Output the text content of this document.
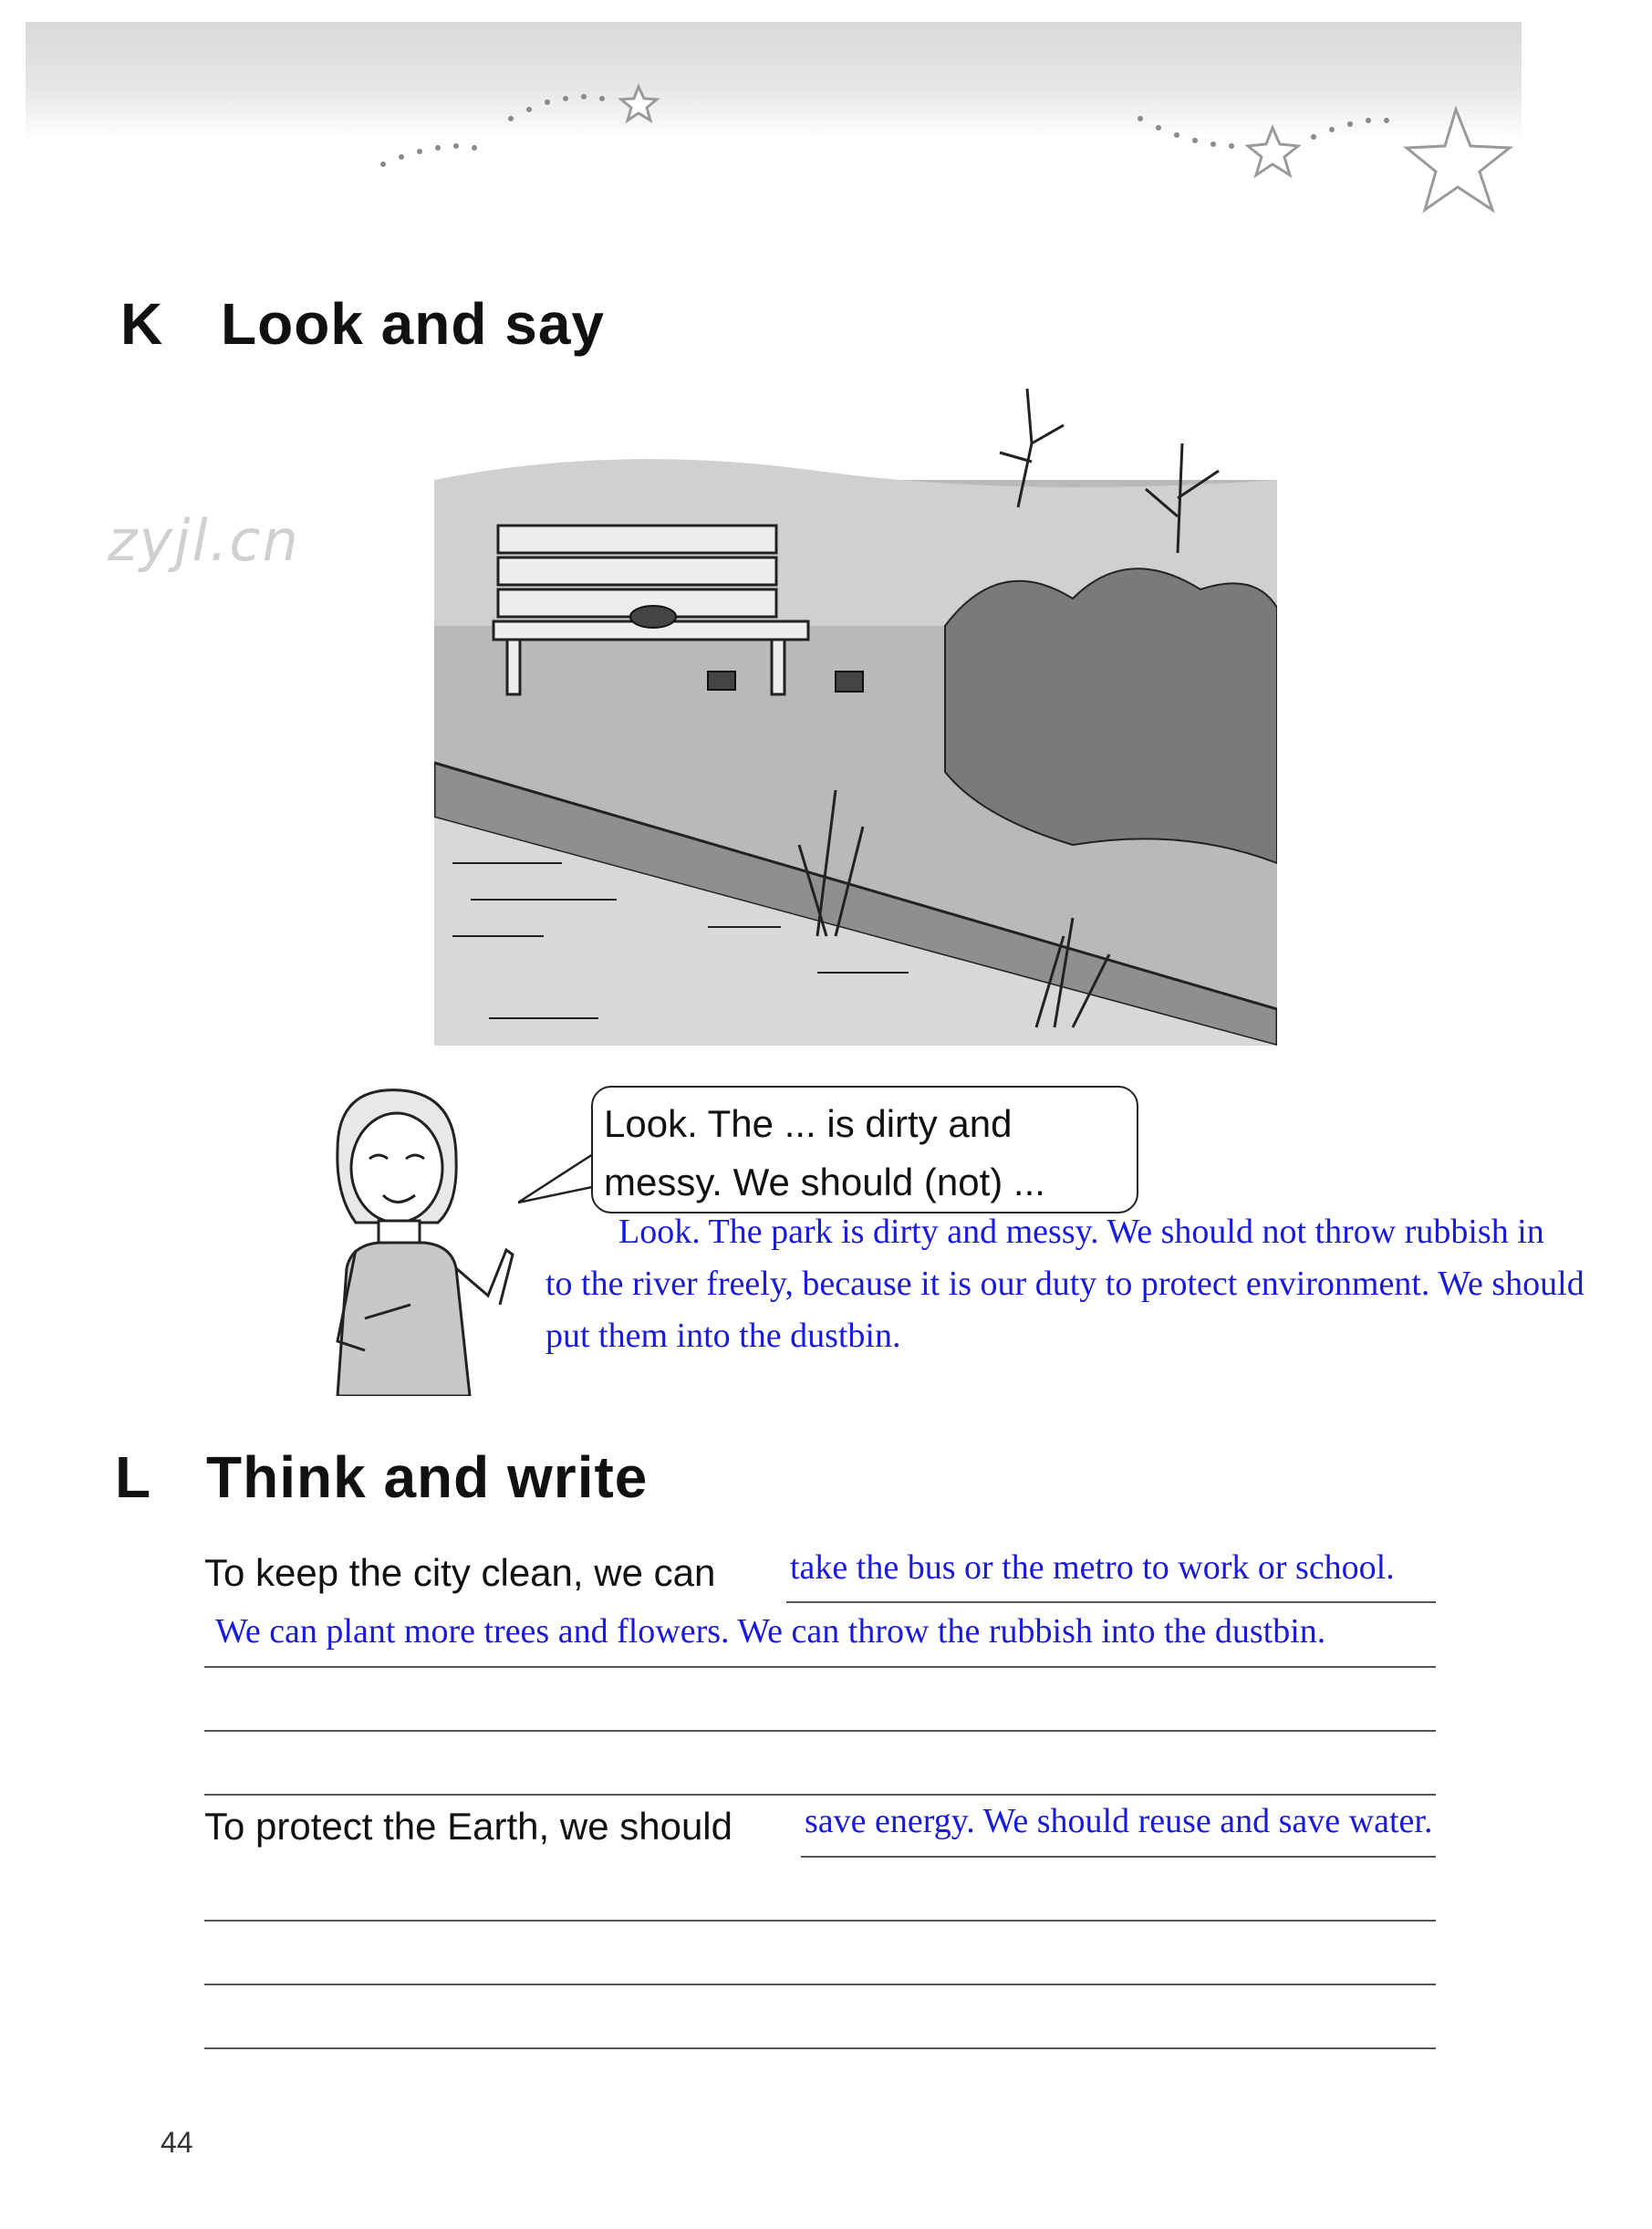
K Look and say
zyjl.cn
Look. The ... is dirty and
messy. We should (not) ...
Look. The park is dirty and messy. We should not throw rubbish in
to the river freely, because it is our duty to protect environment. We should
put them into the dustbin.
L Think and write
To keep the city clean, we can take the bus or the metro to work or school.
We can plant more trees and flowers. We can throw the rubbish into the dustbin.
To protect the Earth, we should save energy. We should reuse and save water.
44
